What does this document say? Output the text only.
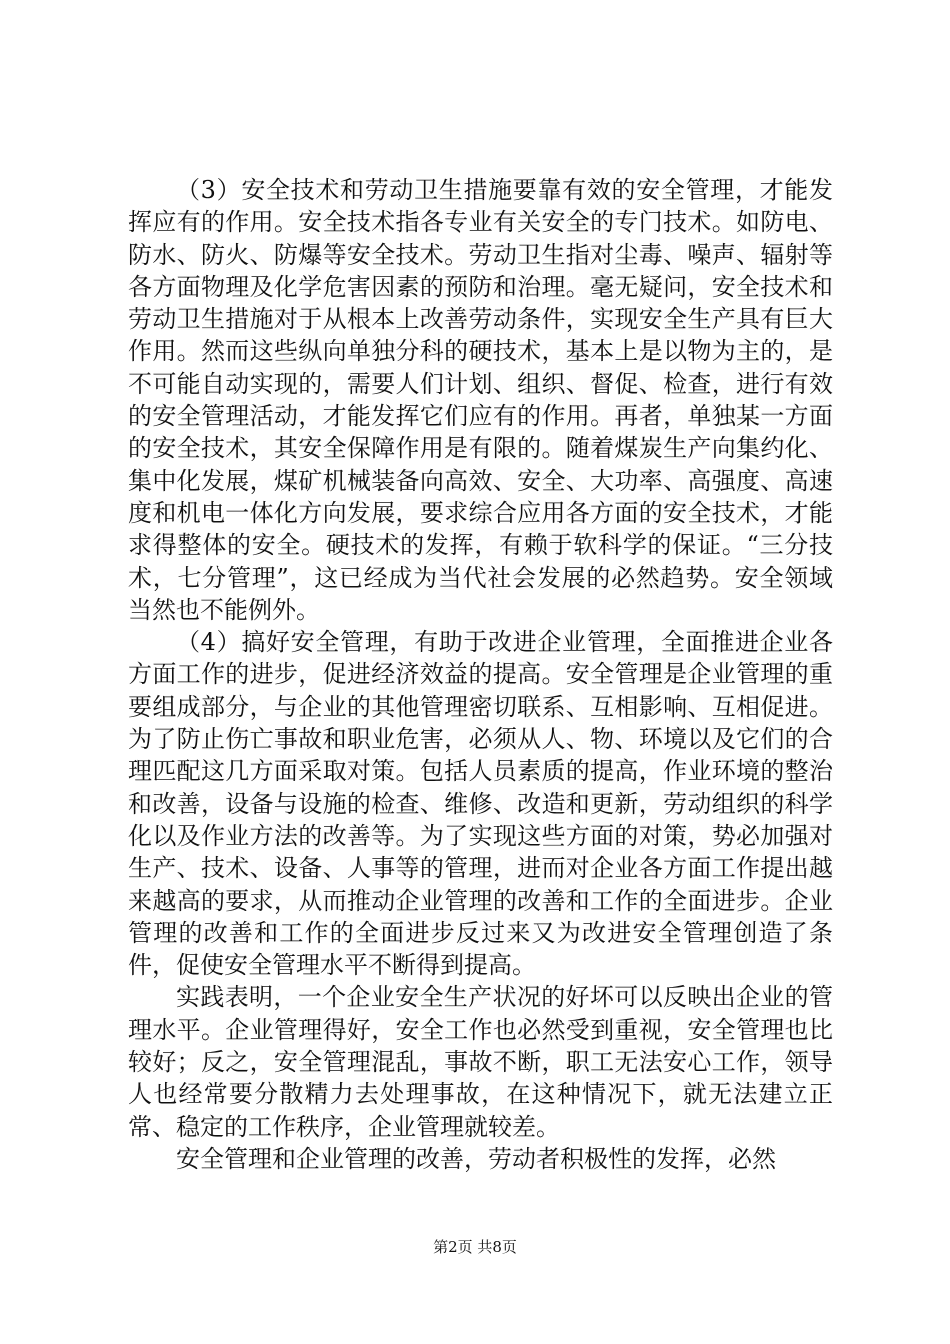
（3）安全技术和劳动卫生措施要靠有效的安全管理，才能发挥应有的作用。安全技术指各专业有关安全的专门技术。如防电、防水、防火、防爆等安全技术。劳动卫生指对尘毒、噪声、辐射等各方面物理及化学危害因素的预防和治理。毫无疑问，安全技术和劳动卫生措施对于从根本上改善劳动条件，实现安全生产具有巨大作用。然而这些纵向单独分科的硬技术，基本上是以物为主的，是不可能自动实现的，需要人们计划、组织、督促、检查，进行有效的安全管理活动，才能发挥它们应有的作用。再者，单独某一方面的安全技术，其安全保障作用是有限的。随着煤炭生产向集约化、集中化发展，煤矿机械装备向高效、安全、大功率、高强度、高速度和机电一体化方向发展，要求综合应用各方面的安全技术，才能求得整体的安全。硬技术的发挥，有赖于软科学的保证。“三分技术，七分管理”，这已经成为当代社会发展的必然趋势。安全领域当然也不能例外。

（4）搞好安全管理，有助于改进企业管理，全面推进企业各方面工作的进步，促进经济效益的提高。安全管理是企业管理的重要组成部分，与企业的其他管理密切联系、互相影响、互相促进。为了防止伤亡事故和职业危害，必须从人、物、环境以及它们的合理匹配这几方面采取对策。包括人员素质的提高，作业环境的整治和改善，设备与设施的检查、维修、改造和更新，劳动组织的科学化以及作业方法的改善等。为了实现这些方面的对策，势必加强对生产、技术、设备、人事等的管理，进而对企业各方面工作提出越来越高的要求，从而推动企业管理的改善和工作的全面进步。企业管理的改善和工作的全面进步反过来又为改进安全管理创造了条件，促使安全管理水平不断得到提高。

实践表明，一个企业安全生产状况的好坏可以反映出企业的管理水平。企业管理得好，安全工作也必然受到重视，安全管理也比较好；反之，安全管理混乱，事故不断，职工无法安心工作，领导人也经常要分散精力去处理事故，在这种情况下，就无法建立正常、稳定的工作秩序，企业管理就较差。

安全管理和企业管理的改善，劳动者积极性的发挥，必然

第2页 共8页
